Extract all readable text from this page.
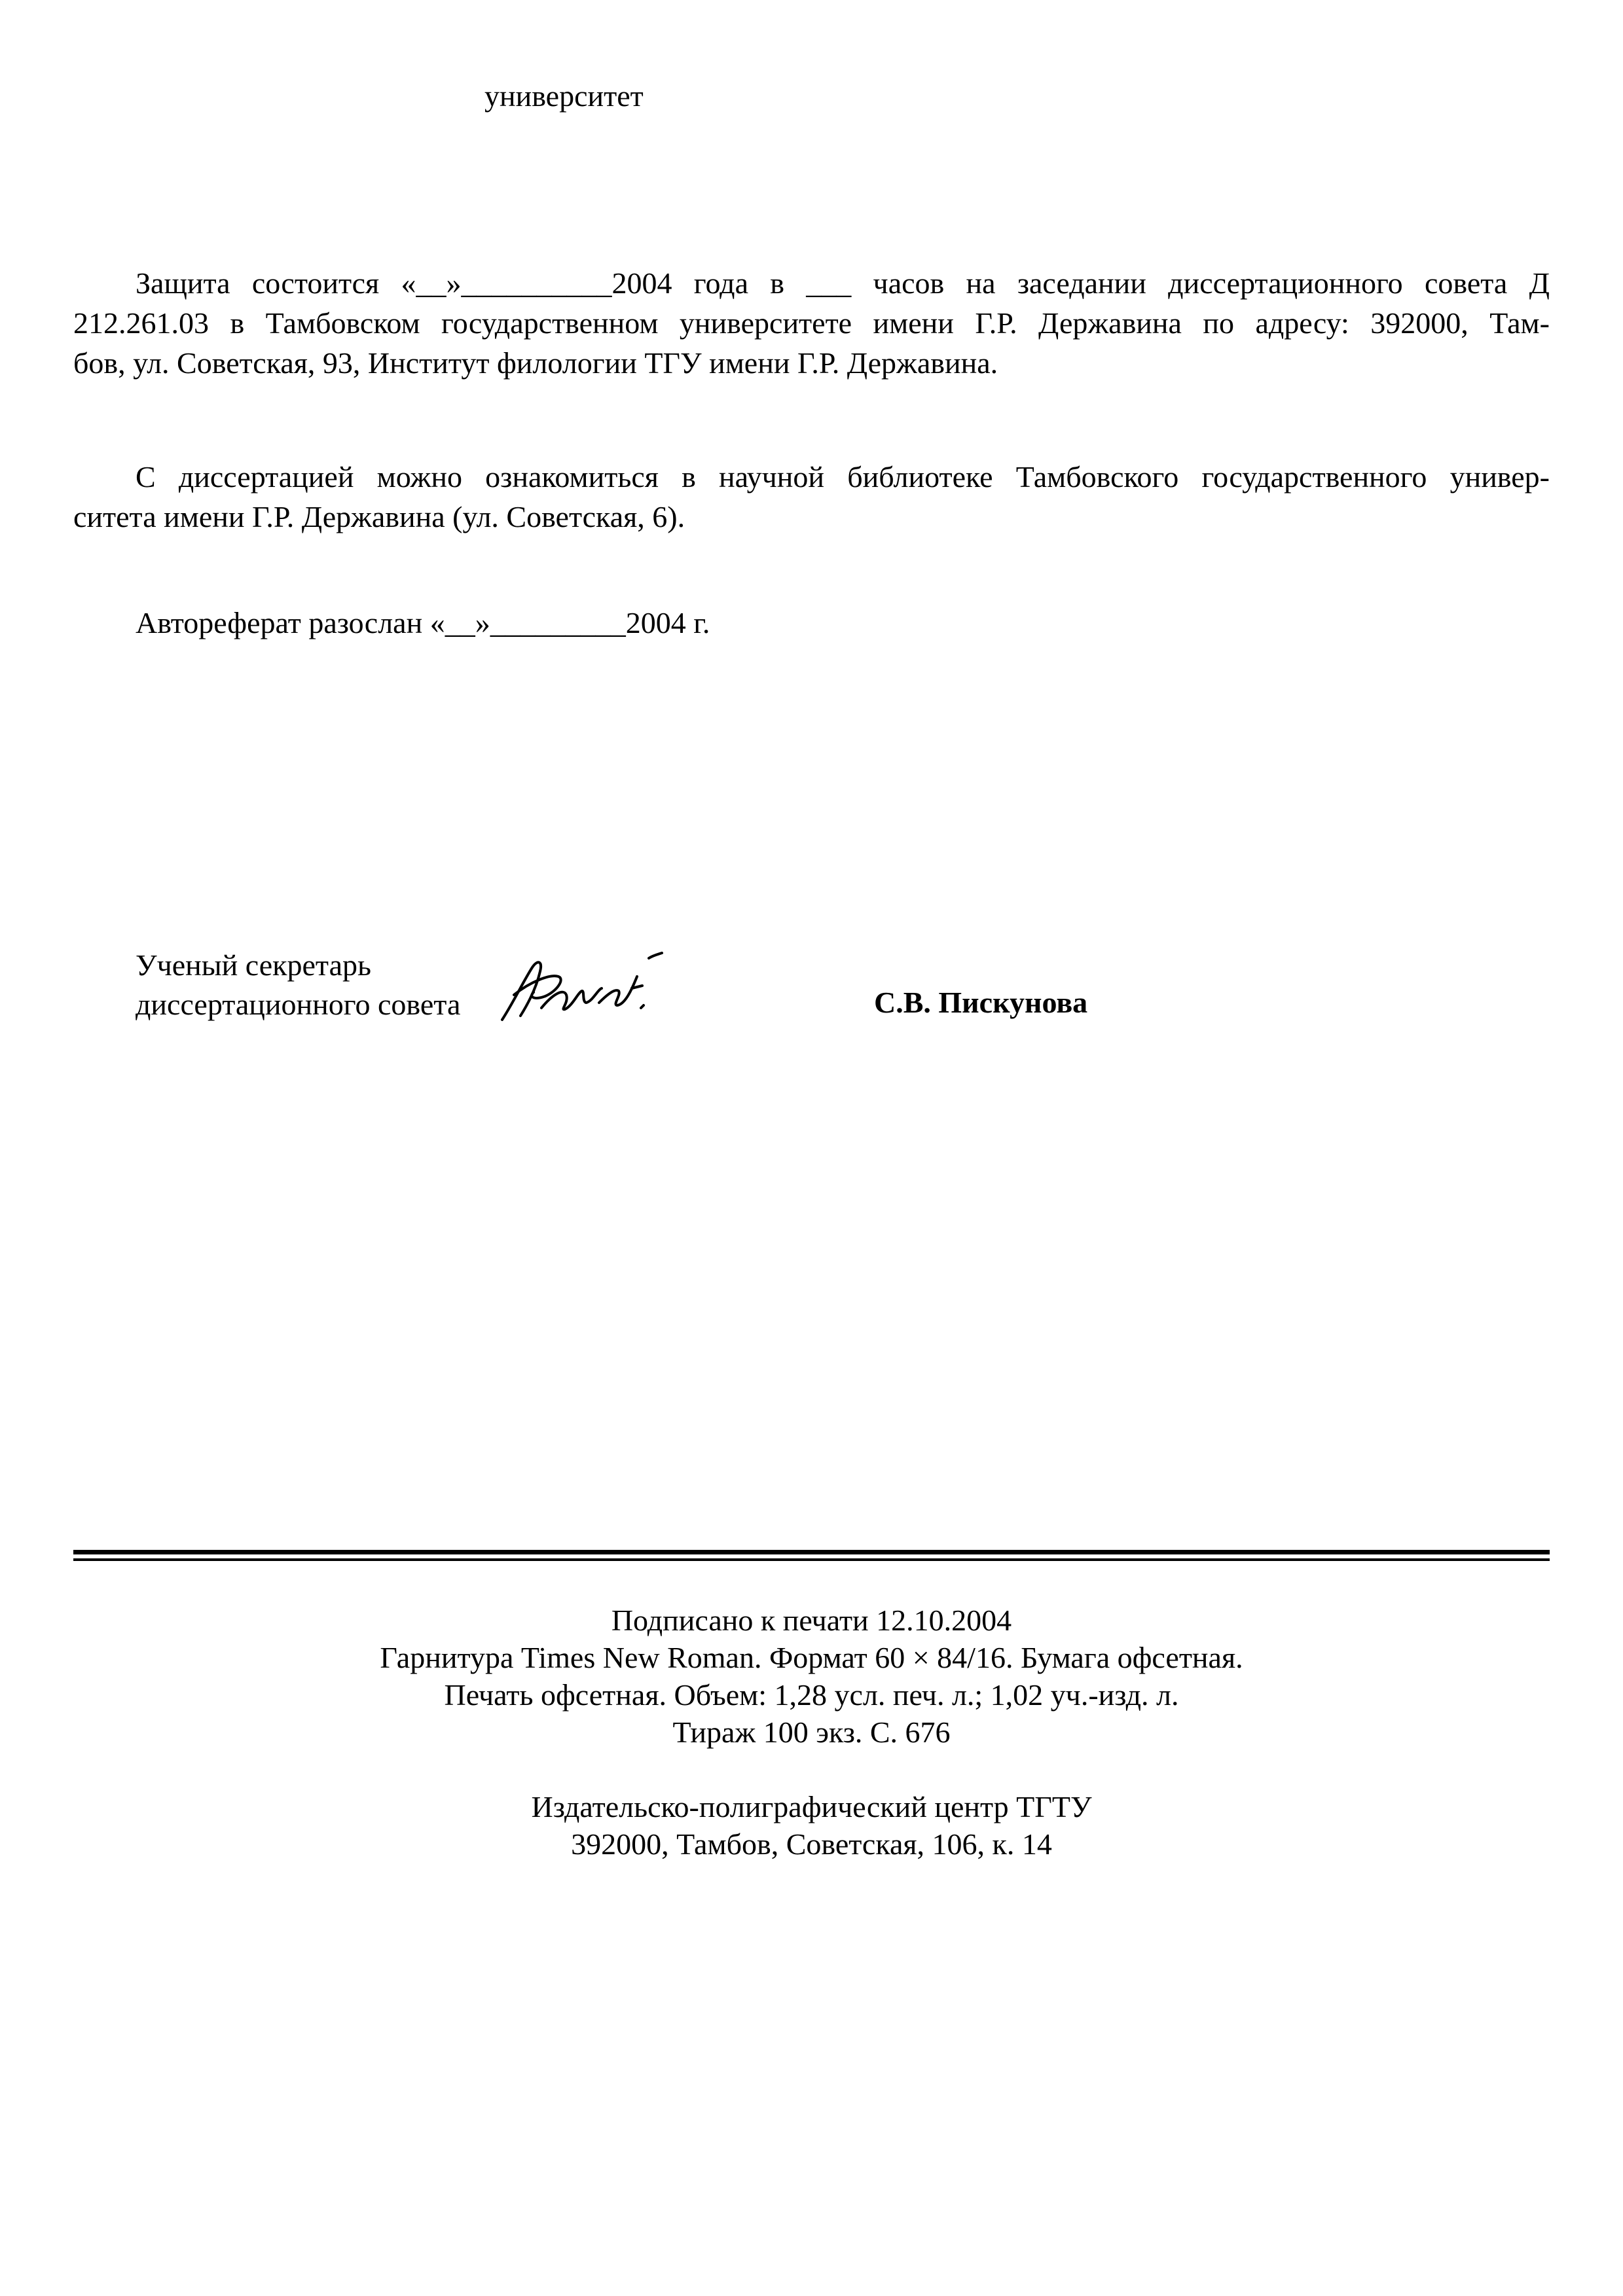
университет
Защита состоится «__»__________2004 года в ___ часов на заседании диссертационного совета Д
212.261.03 в Тамбовском государственном университете имени Г.Р. Державина по адресу: 392000, Там-
бов, ул. Советская, 93, Институт филологии ТГУ имени Г.Р. Державина.
С диссертацией можно ознакомиться в научной библиотеке Тамбовского государственного универ-
ситета имени Г.Р. Державина (ул. Советская, 6).
Автореферат разослан «__»_________2004 г.
Ученый секретарь
диссертационного совета	С.В. Пискунова
Подписано к печати 12.10.2004
Гарнитура Times New Roman. Формат 60 × 84/16. Бумага офсетная.
Печать офсетная. Объем: 1,28 усл. печ. л.; 1,02 уч.-изд. л.
Тираж 100 экз. С. 676
Издательско-полиграфический центр ТГТУ
392000, Тамбов, Советская, 106, к. 14
